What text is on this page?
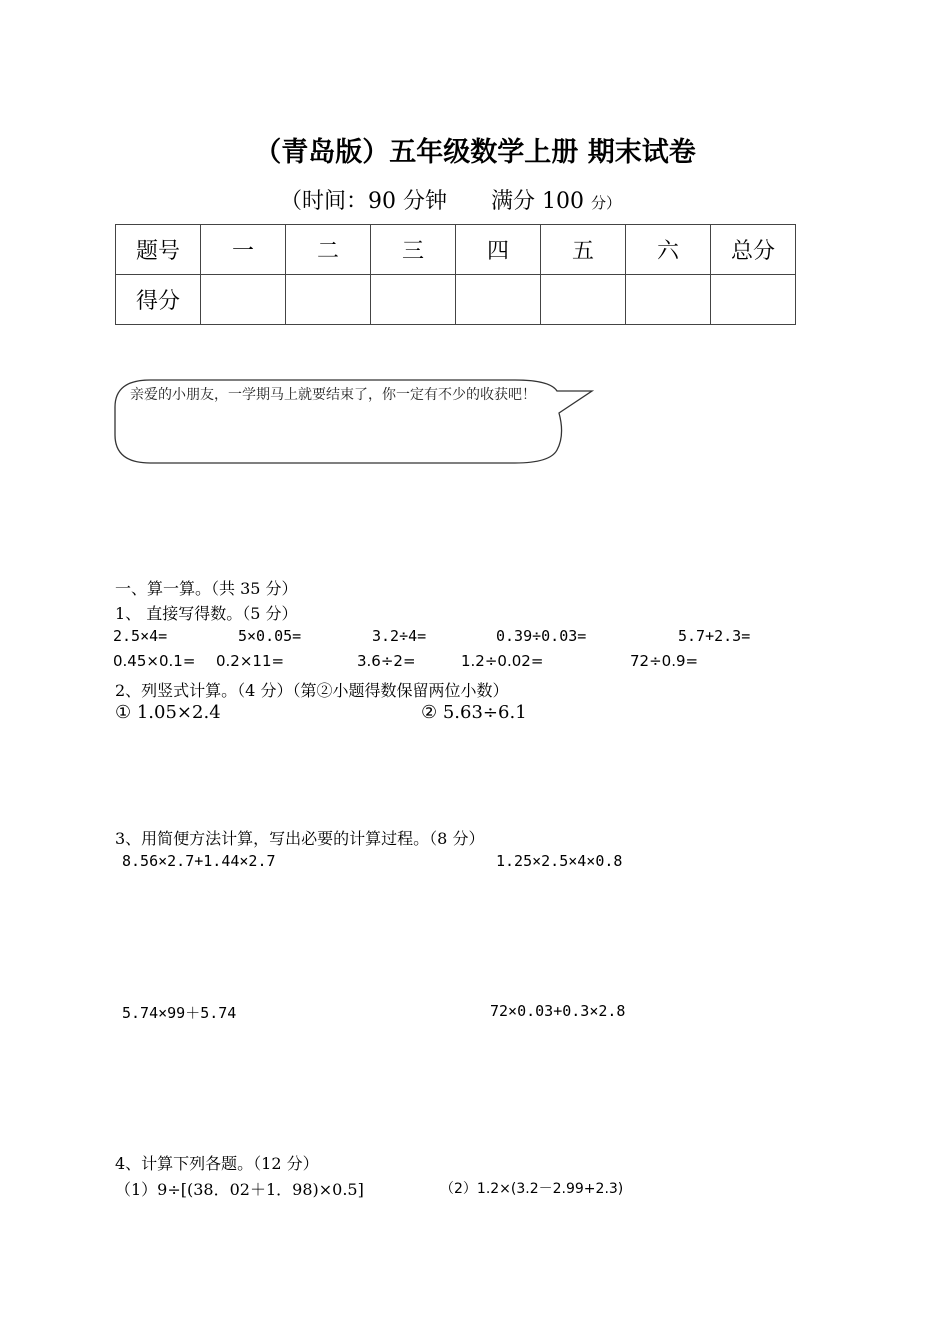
（青岛版）五年级数学上册 期末试卷
（时间：90 分钟　　满分 100 分）
题号	一	二	三	四	五	六	总分
得分							
亲爱的小朋友，一学期马上就要结束了，你一定有不少的收获吧！
一、算一算。（共 35 分）
1、 直接写得数。（5 分）
2.5×4=	5×0.05=	3.2÷4=	0.39÷0.03=	5.7+2.3=
0.45×0.1= 0.2×11=	3.6÷2=	1.2÷0.02=	72÷0.9=
2、列竖式计算。（4 分）（第②小题得数保留两位小数）
① 1.05×2.4	② 5.63÷6.1
3、用简便方法计算，写出必要的计算过程。（8 分）
8.56×2.7+1.44×2.7	1.25×2.5×4×0.8
5.74×99＋5.74	72×0.03+0.3×2.8
4、计算下列各题。（12 分）
（1）9÷[(38．02＋1．98)×0.5]	（2）1.2×(3.2－2.99+2.3)
